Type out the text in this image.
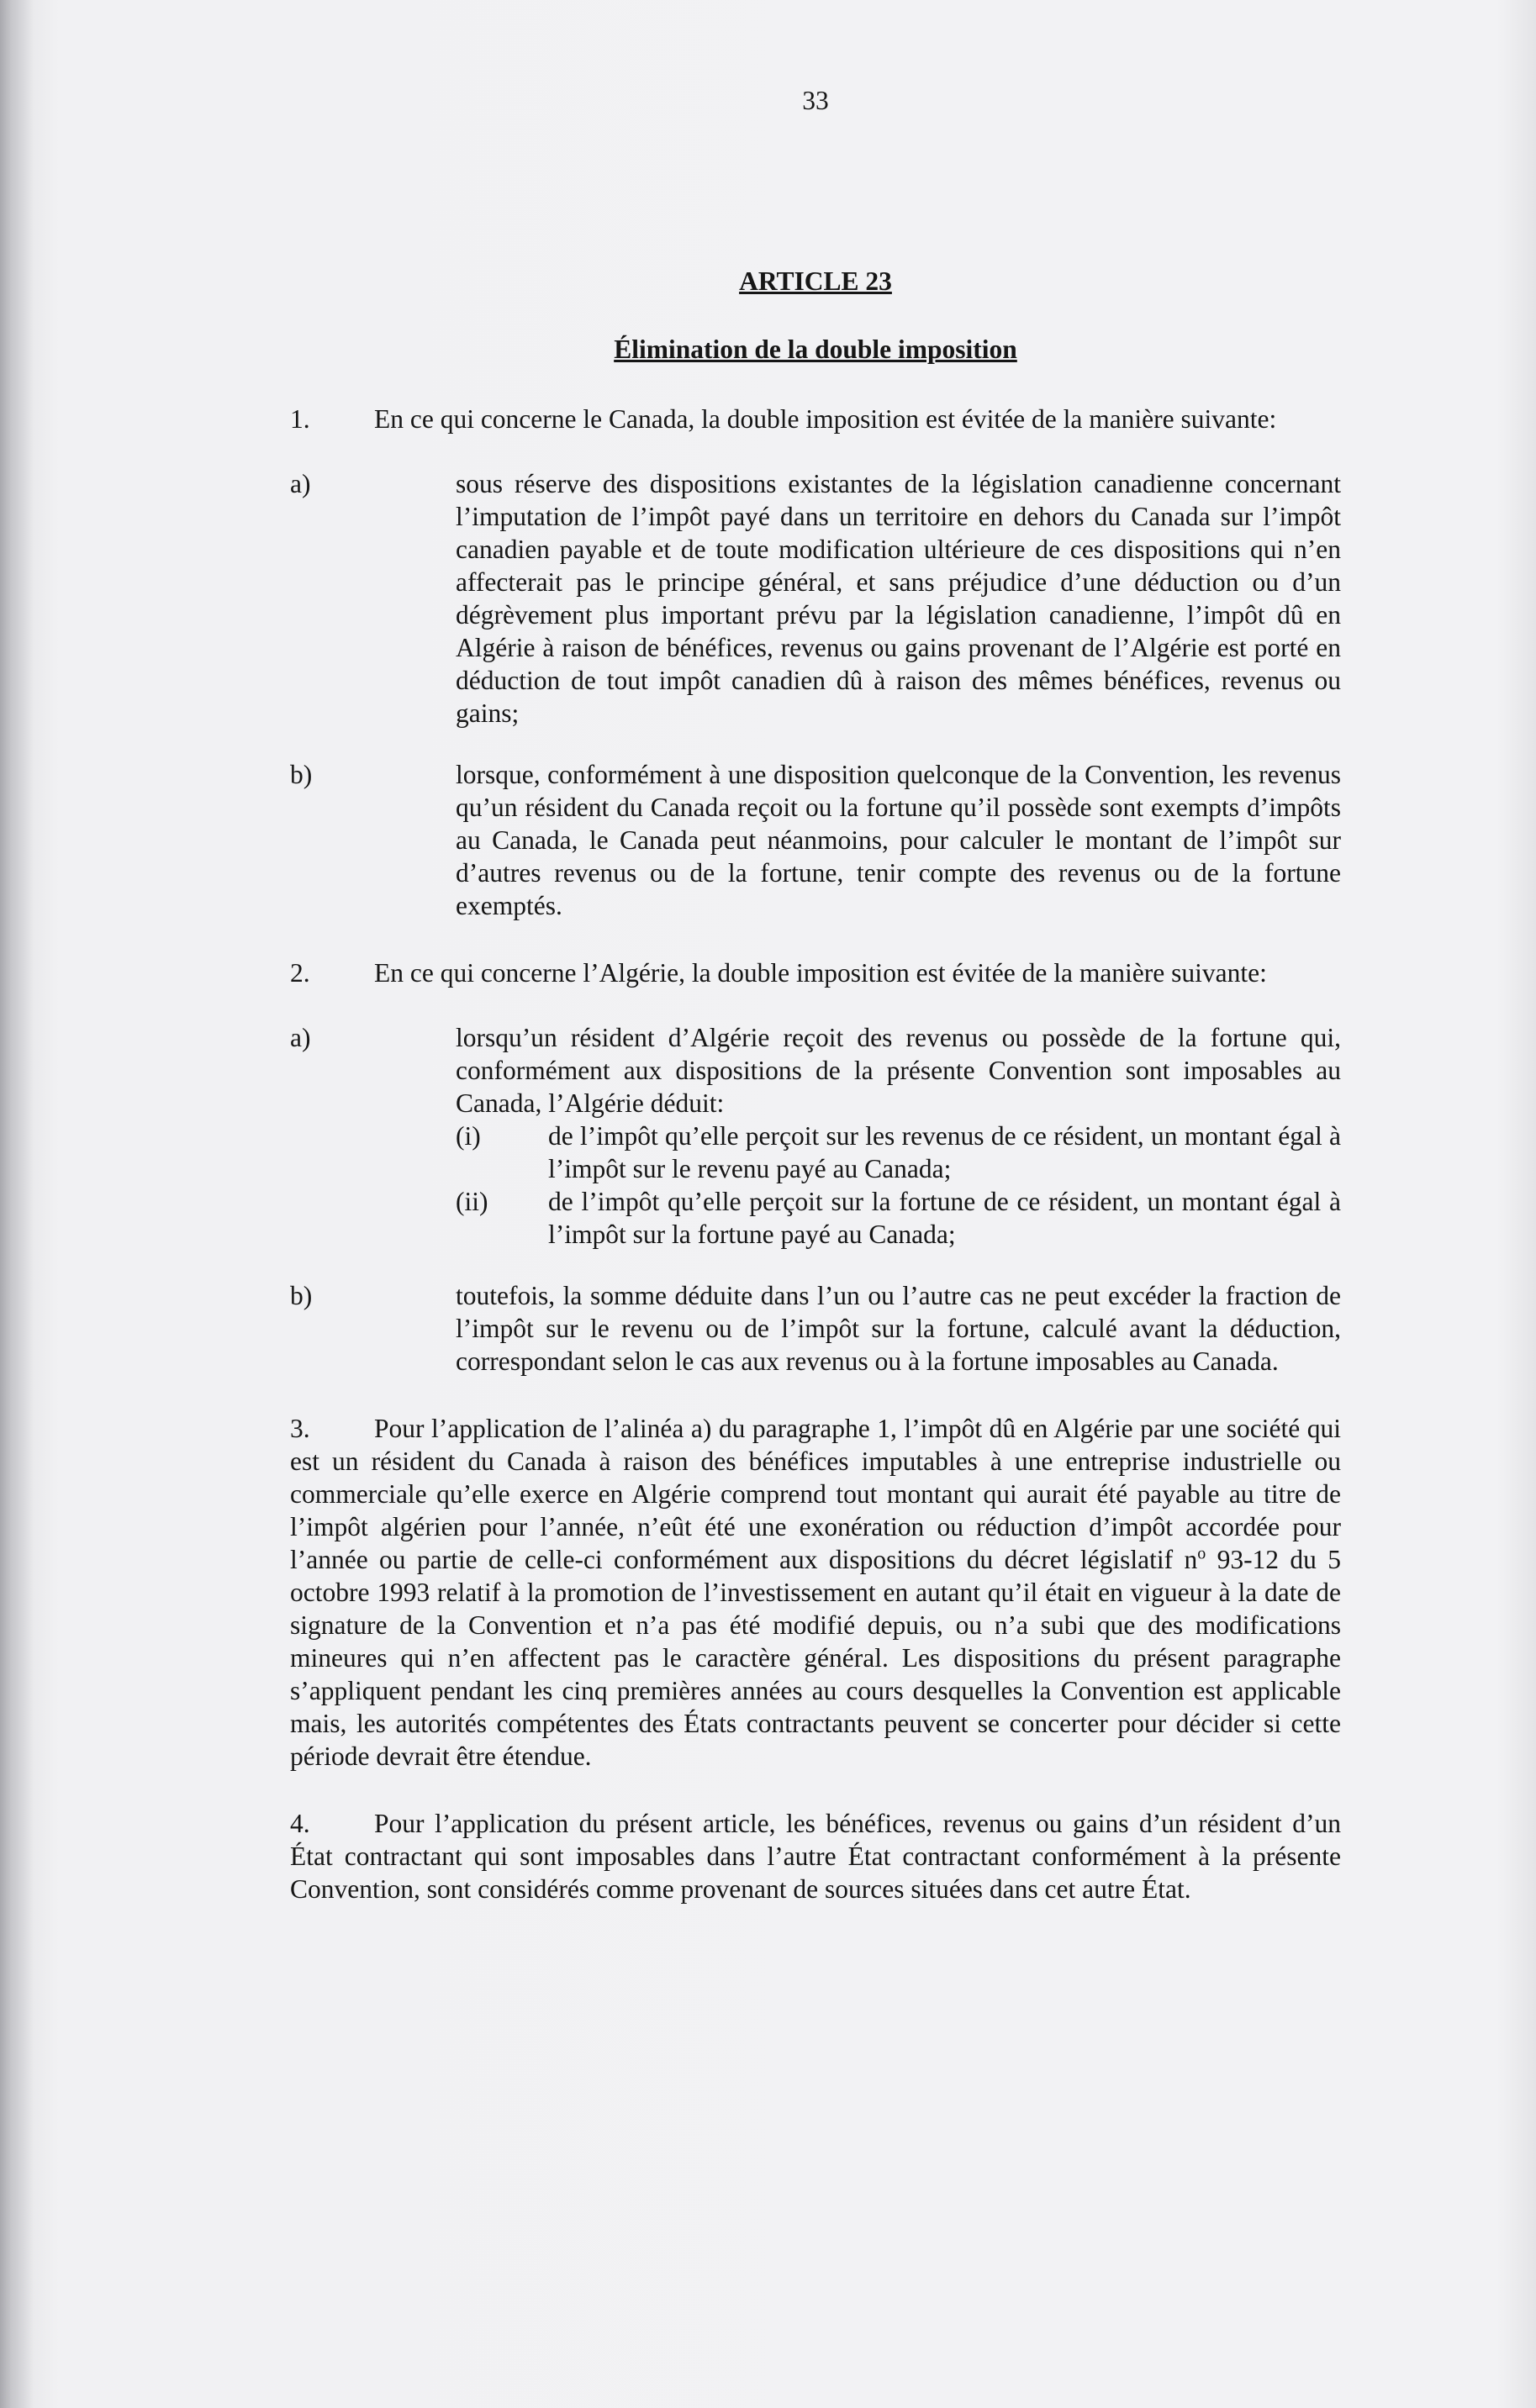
33

ARTICLE 23

Élimination de la double imposition

1. En ce qui concerne le Canada, la double imposition est évitée de la manière suivante:

a)	sous réserve des dispositions existantes de la législation canadienne concernant l’imputation de l’impôt payé dans un territoire en dehors du Canada sur l’impôt canadien payable et de toute modification ultérieure de ces dispositions qui n’en affecterait pas le principe général, et sans préjudice d’une déduction ou d’un dégrèvement plus important prévu par la législation canadienne, l’impôt dû en Algérie à raison de bénéfices, revenus ou gains provenant de l’Algérie est porté en déduction de tout impôt canadien dû à raison des mêmes bénéfices, revenus ou gains;
b)	lorsque, conformément à une disposition quelconque de la Convention, les revenus qu’un résident du Canada reçoit ou la fortune qu’il possède sont exempts d’impôts au Canada, le Canada peut néanmoins, pour calculer le montant de l’impôt sur d’autres revenus ou de la fortune, tenir compte des revenus ou de la fortune exemptés.

2. En ce qui concerne l’Algérie, la double imposition est évitée de la manière suivante:

a)	lorsqu’un résident d’Algérie reçoit des revenus ou possède de la fortune qui, conformément aux dispositions de la présente Convention sont imposables au Canada, l’Algérie déduit:
(i)	de l’impôt qu’elle perçoit sur les revenus de ce résident, un montant égal à l’impôt sur le revenu payé au Canada;
(ii)	de l’impôt qu’elle perçoit sur la fortune de ce résident, un montant égal à l’impôt sur la fortune payé au Canada;
b)	toutefois, la somme déduite dans l’un ou l’autre cas ne peut excéder la fraction de l’impôt sur le revenu ou de l’impôt sur la fortune, calculé avant la déduction, correspondant selon le cas aux revenus ou à la fortune imposables au Canada.

3. Pour l’application de l’alinéa a) du paragraphe 1, l’impôt dû en Algérie par une société qui est un résident du Canada à raison des bénéfices imputables à une entreprise industrielle ou commerciale qu’elle exerce en Algérie comprend tout montant qui aurait été payable au titre de l’impôt algérien pour l’année, n’eût été une exonération ou réduction d’impôt accordée pour l’année ou partie de celle-ci conformément aux dispositions du décret législatif $n^o$ 93-12 du 5 octobre 1993 relatif à la promotion de l’investissement en autant qu’il était en vigueur à la date de signature de la Convention et n’a pas été modifié depuis, ou n’a subi que des modifications mineures qui n’en affectent pas le caractère général. Les dispositions du présent paragraphe s’appliquent pendant les cinq premières années au cours desquelles la Convention est applicable mais, les autorités compétentes des États contractants peuvent se concerter pour décider si cette période devrait être étendue.

4. Pour l’application du présent article, les bénéfices, revenus ou gains d’un résident d’un État contractant qui sont imposables dans l’autre État contractant conformément à la présente Convention, sont considérés comme provenant de sources situées dans cet autre État.
